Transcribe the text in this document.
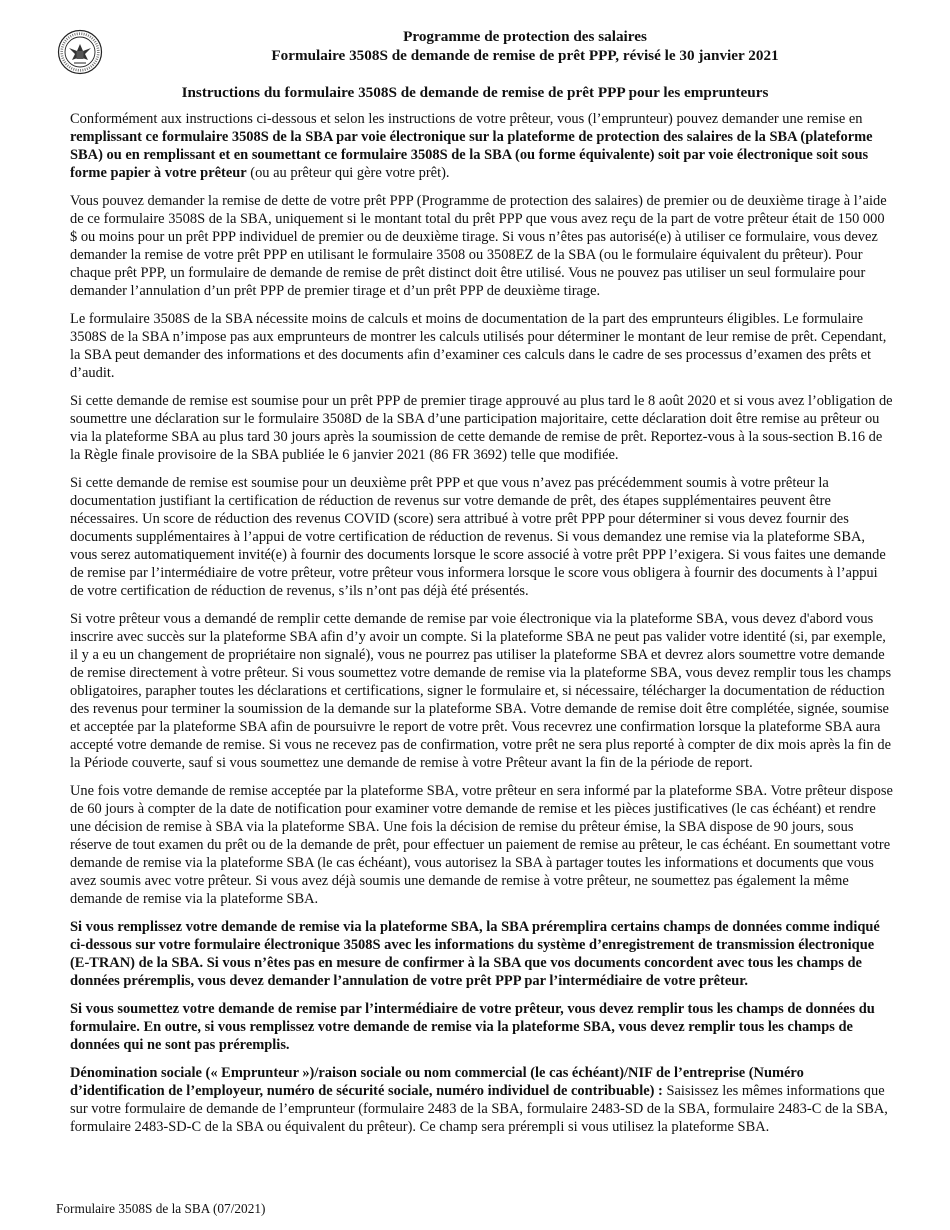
Programme de protection des salaires
Formulaire 3508S de demande de remise de prêt PPP, révisé le 30 janvier 2021
Instructions du formulaire 3508S de demande de remise de prêt PPP pour les emprunteurs

Conformément aux instructions ci-dessous et selon les instructions de votre prêteur, vous (l’emprunteur) pouvez demander une remise en remplissant ce formulaire 3508S de la SBA par voie électronique sur la plateforme de protection des salaires de la SBA (plateforme SBA) ou en remplissant et en soumettant ce formulaire 3508S de la SBA (ou forme équivalente) soit par voie électronique soit sous forme papier à votre prêteur (ou au prêteur qui gère votre prêt).

Vous pouvez demander la remise de dette de votre prêt PPP (Programme de protection des salaires) de premier ou de deuxième tirage à l’aide de ce formulaire 3508S de la SBA, uniquement si le montant total du prêt PPP que vous avez reçu de la part de votre prêteur était de 150 000 $ ou moins pour un prêt PPP individuel de premier ou de deuxième tirage. Si vous n’êtes pas autorisé(e) à utiliser ce formulaire, vous devez demander la remise de votre prêt PPP en utilisant le formulaire 3508 ou 3508EZ de la SBA (ou le formulaire équivalent du prêteur). Pour chaque prêt PPP, un formulaire de demande de remise de prêt distinct doit être utilisé. Vous ne pouvez pas utiliser un seul formulaire pour demander l’annulation d’un prêt PPP de premier tirage et d’un prêt PPP de deuxième tirage.

Le formulaire 3508S de la SBA nécessite moins de calculs et moins de documentation de la part des emprunteurs éligibles. Le formulaire 3508S de la SBA n’impose pas aux emprunteurs de montrer les calculs utilisés pour déterminer le montant de leur remise de prêt. Cependant, la SBA peut demander des informations et des documents afin d’examiner ces calculs dans le cadre de ses processus d’examen des prêts et d’audit.

Si cette demande de remise est soumise pour un prêt PPP de premier tirage approuvé au plus tard le 8 août 2020 et si vous avez l’obligation de soumettre une déclaration sur le formulaire 3508D de la SBA d’une participation majoritaire, cette déclaration doit être remise au prêteur ou via la plateforme SBA au plus tard 30 jours après la soumission de cette demande de remise de prêt. Reportez-vous à la sous-section B.16 de la Règle finale provisoire de la SBA publiée le 6 janvier 2021 (86 FR 3692) telle que modifiée.

Si cette demande de remise est soumise pour un deuxième prêt PPP et que vous n’avez pas précédemment soumis à votre prêteur la documentation justifiant la certification de réduction de revenus sur votre demande de prêt, des étapes supplémentaires peuvent être nécessaires. Un score de réduction des revenus COVID (score) sera attribué à votre prêt PPP pour déterminer si vous devez fournir des documents supplémentaires à l’appui de votre certification de réduction de revenus. Si vous demandez une remise via la plateforme SBA, vous serez automatiquement invité(e) à fournir des documents lorsque le score associé à votre prêt PPP l’exigera. Si vous faites une demande de remise par l’intermédiaire de votre prêteur, votre prêteur vous informera lorsque le score vous obligera à fournir des documents à l’appui de votre certification de réduction de revenus, s’ils n’ont pas déjà été présentés.

Si votre prêteur vous a demandé de remplir cette demande de remise par voie électronique via la plateforme SBA, vous devez d'abord vous inscrire avec succès sur la plateforme SBA afin d’y avoir un compte. Si la plateforme SBA ne peut pas valider votre identité (si, par exemple, il y a eu un changement de propriétaire non signalé), vous ne pourrez pas utiliser la plateforme SBA et devrez alors soumettre votre demande de remise directement à votre prêteur. Si vous soumettez votre demande de remise via la plateforme SBA, vous devez remplir tous les champs obligatoires, parapher toutes les déclarations et certifications, signer le formulaire et, si nécessaire, télécharger la documentation de réduction des revenus pour terminer la soumission de la demande sur la plateforme SBA. Votre demande de remise doit être complétée, signée, soumise et acceptée par la plateforme SBA afin de poursuivre le report de votre prêt. Vous recevrez une confirmation lorsque la plateforme SBA aura accepté votre demande de remise. Si vous ne recevez pas de confirmation, votre prêt ne sera plus reporté à compter de dix mois après la fin de la Période couverte, sauf si vous soumettez une demande de remise à votre Prêteur avant la fin de la période de report.

Une fois votre demande de remise acceptée par la plateforme SBA, votre prêteur en sera informé par la plateforme SBA. Votre prêteur dispose de 60 jours à compter de la date de notification pour examiner votre demande de remise et les pièces justificatives (le cas échéant) et rendre une décision de remise à SBA via la plateforme SBA. Une fois la décision de remise du prêteur émise, la SBA dispose de 90 jours, sous réserve de tout examen du prêt ou de la demande de prêt, pour effectuer un paiement de remise au prêteur, le cas échéant. En soumettant votre demande de remise via la plateforme SBA (le cas échéant), vous autorisez la SBA à partager toutes les informations et documents que vous avez soumis avec votre prêteur. Si vous avez déjà soumis une demande de remise à votre prêteur, ne soumettez pas également la même demande de remise via la plateforme SBA.

Si vous remplissez votre demande de remise via la plateforme SBA, la SBA préremplira certains champs de données comme indiqué ci-dessous sur votre formulaire électronique 3508S avec les informations du système d’enregistrement de transmission électronique (E-TRAN) de la SBA. Si vous n’êtes pas en mesure de confirmer à la SBA que vos documents concordent avec tous les champs de données préremplis, vous devez demander l’annulation de votre prêt PPP par l’intermédiaire de votre prêteur.

Si vous soumettez votre demande de remise par l’intermédiaire de votre prêteur, vous devez remplir tous les champs de données du formulaire. En outre, si vous remplissez votre demande de remise via la plateforme SBA, vous devez remplir tous les champs de données qui ne sont pas préremplis.

Dénomination sociale (« Emprunteur »)/raison sociale ou nom commercial (le cas échéant)/NIF de l’entreprise (Numéro d’identification de l’employeur, numéro de sécurité sociale, numéro individuel de contribuable) : Saisissez les mêmes informations que sur votre formulaire de demande de l’emprunteur (formulaire 2483 de la SBA, formulaire 2483-SD de la SBA, formulaire 2483-C de la SBA, formulaire 2483-SD-C de la SBA ou équivalent du prêteur). Ce champ sera prérempli si vous utilisez la plateforme SBA.

Formulaire 3508S de la SBA (07/2021)
